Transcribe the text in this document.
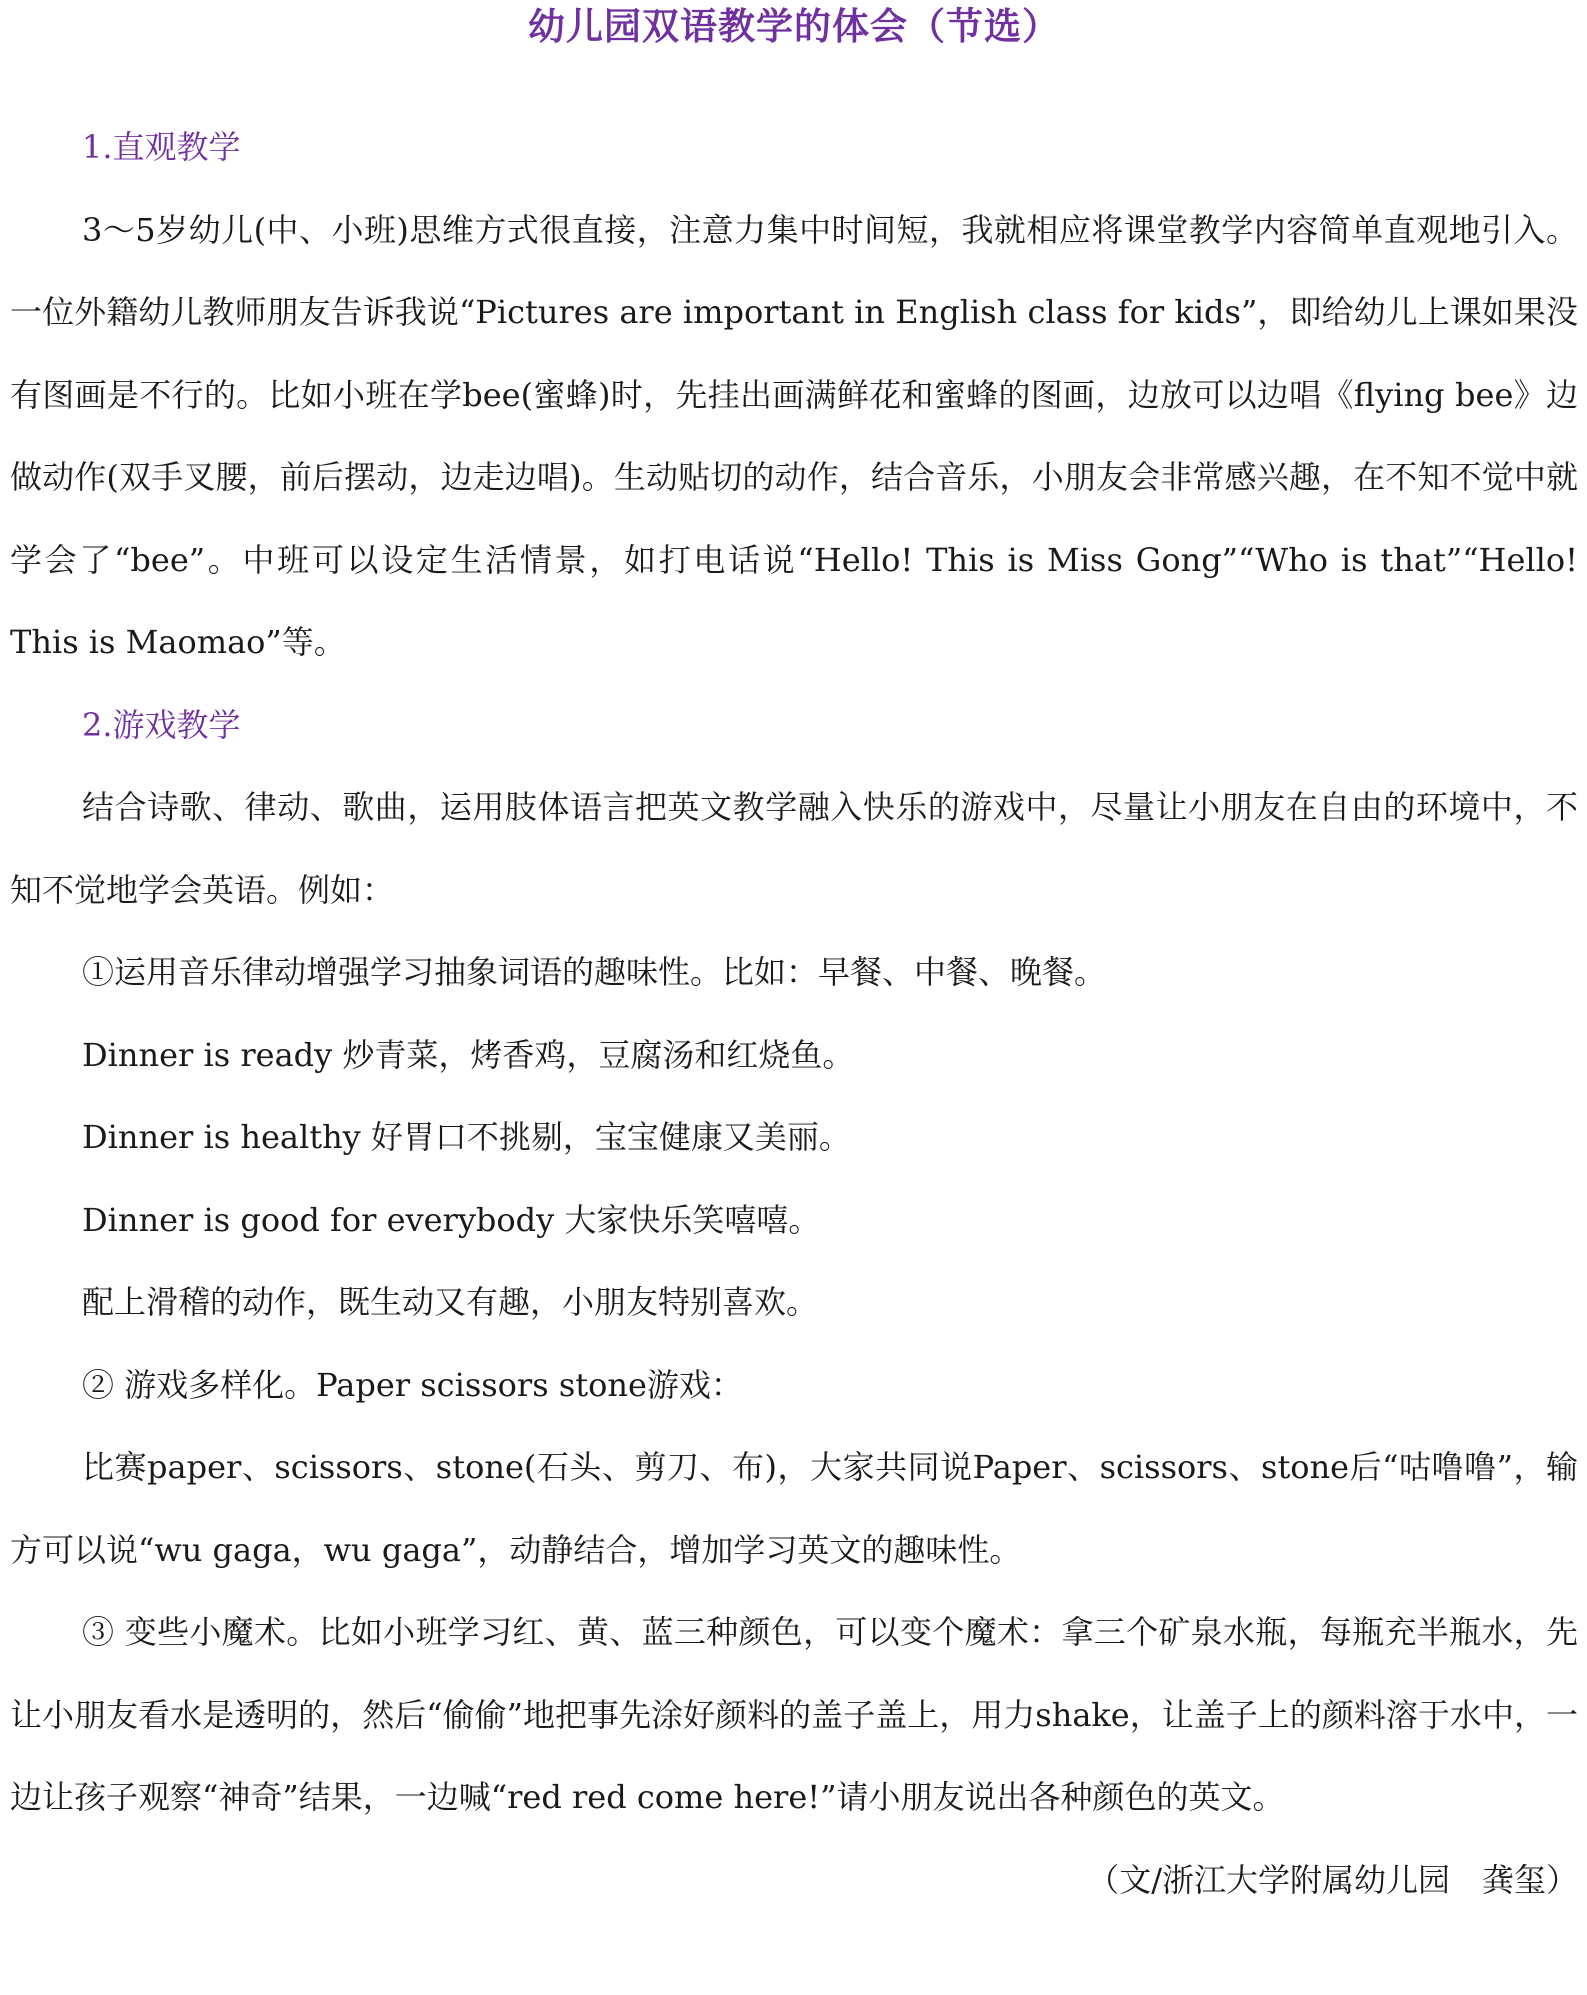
幼儿园双语教学的体会（节选）
1.直观教学

3～5岁幼儿(中、小班)思维方式很直接，注意力集中时间短，我就相应将课堂教学内容简单直观地引入。一位外籍幼儿教师朋友告诉我说“Pictures are important in English class for kids”，即给幼儿上课如果没有图画是不行的。比如小班在学bee(蜜蜂)时，先挂出画满鲜花和蜜蜂的图画，边放可以边唱《flying bee》边做动作(双手叉腰，前后摆动，边走边唱)。生动贴切的动作，结合音乐，小朋友会非常感兴趣，在不知不觉中就学会了“bee”。中班可以设定生活情景，如打电话说“Hello! This is Miss Gong”“Who is that”“Hello! This is Maomao”等。

2.游戏教学

结合诗歌、律动、歌曲，运用肢体语言把英文教学融入快乐的游戏中，尽量让小朋友在自由的环境中，不知不觉地学会英语。例如：

①运用音乐律动增强学习抽象词语的趣味性。比如：早餐、中餐、晚餐。
Dinner is ready 炒青菜，烤香鸡，豆腐汤和红烧鱼。
Dinner is healthy 好胃口不挑剔，宝宝健康又美丽。
Dinner is good for everybody 大家快乐笑嘻嘻。
配上滑稽的动作，既生动又有趣，小朋友特别喜欢。
② 游戏多样化。Paper scissors stone游戏：

比赛paper、scissors、stone(石头、剪刀、布)，大家共同说Paper、scissors、stone后“咕噜噜”，输方可以说“wu gaga，wu gaga”，动静结合，增加学习英文的趣味性。

③ 变些小魔术。比如小班学习红、黄、蓝三种颜色，可以变个魔术：拿三个矿泉水瓶，每瓶充半瓶水，先让小朋友看水是透明的，然后“偷偷”地把事先涂好颜料的盖子盖上，用力shake，让盖子上的颜料溶于水中，一边让孩子观察“神奇”结果，一边喊“red red come here!”请小朋友说出各种颜色的英文。

（文/浙江大学附属幼儿园　龚玺）
